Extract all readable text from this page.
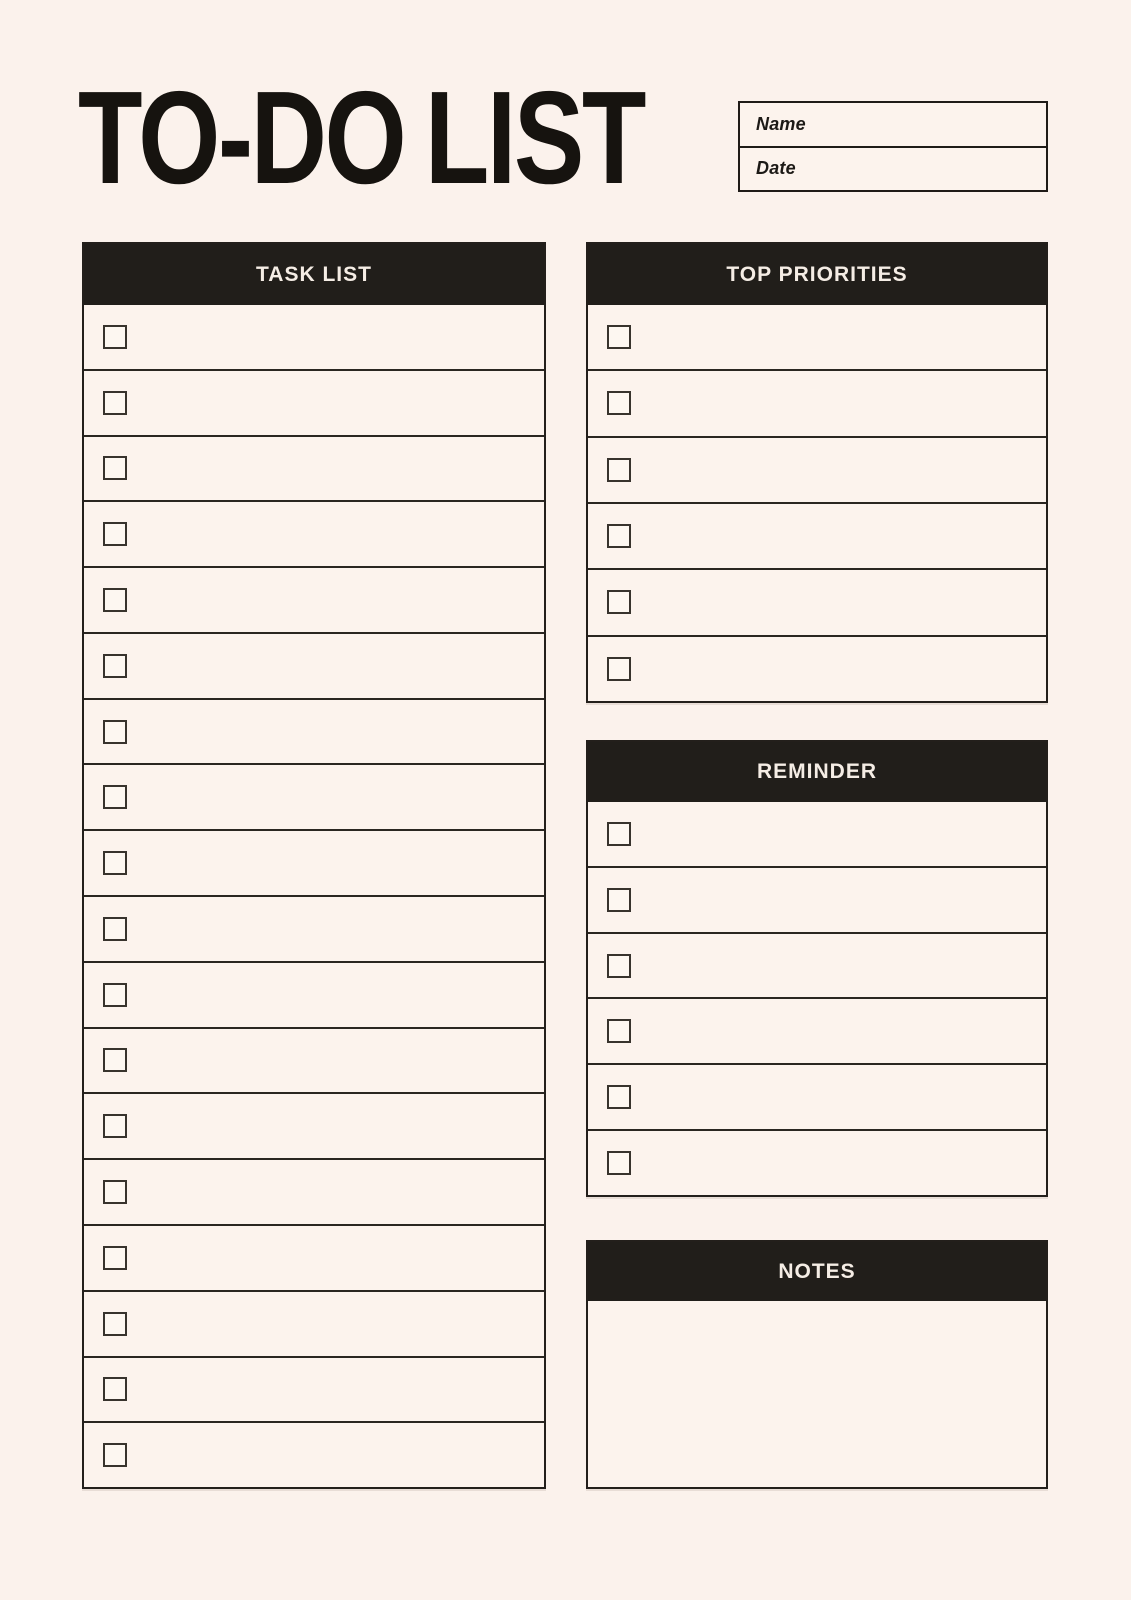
TO-DO LIST	Name
Date
TASK LIST	TOP PRIORITIES
REMINDER
NOTES
